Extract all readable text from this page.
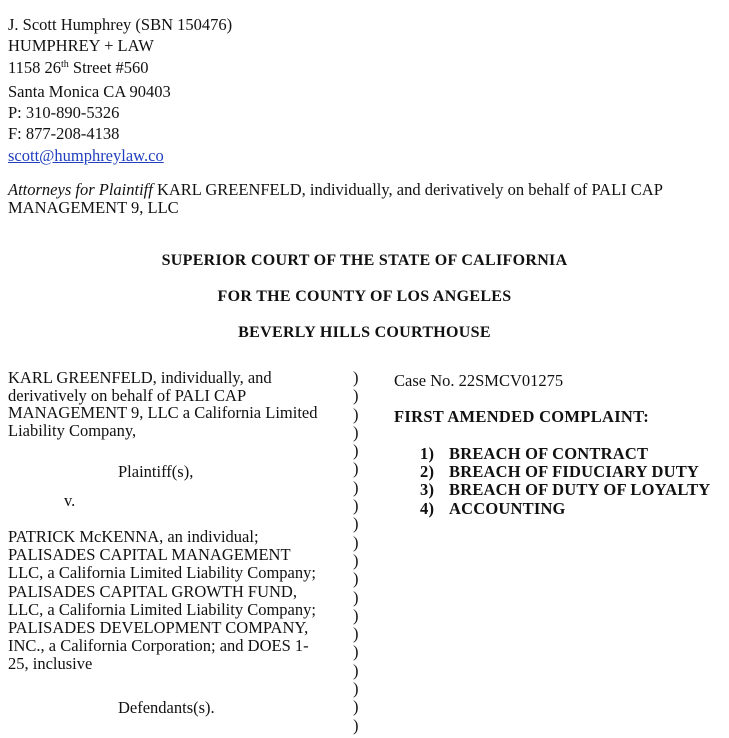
J. Scott Humphrey (SBN 150476)
HUMPHREY + LAW
1158 26th Street #560
Santa Monica CA 90403
P: 310-890-5326
F: 877-208-4138
scott@humphreylaw.co
Attorneys for Plaintiff KARL GREENFELD, individually, and derivatively on behalf of PALI CAP MANAGEMENT 9, LLC
SUPERIOR COURT OF THE STATE OF CALIFORNIA
FOR THE COUNTY OF LOS ANGELES
BEVERLY HILLS COURTHOUSE
KARL GREENFELD, individually, and
derivatively on behalf of PALI CAP
MANAGEMENT 9, LLC a California Limited
Liability Company,
Plaintiff(s),
v.
PATRICK McKENNA, an individual;
PALISADES CAPITAL MANAGEMENT
LLC, a California Limited Liability Company;
PALISADES CAPITAL GROWTH FUND,
LLC, a California Limited Liability Company;
PALISADES DEVELOPMENT COMPANY,
INC., a California Corporation; and DOES 1-
25, inclusive
Defendants(s).
)
)
)
)
)
)
)
)
)
)
)
)
)
)
)
)
)
)
)
)
Case No. 22SMCV01275
FIRST AMENDED COMPLAINT:
1) BREACH OF CONTRACT
2) BREACH OF FIDUCIARY DUTY
3) BREACH OF DUTY OF LOYALTY
4) ACCOUNTING
